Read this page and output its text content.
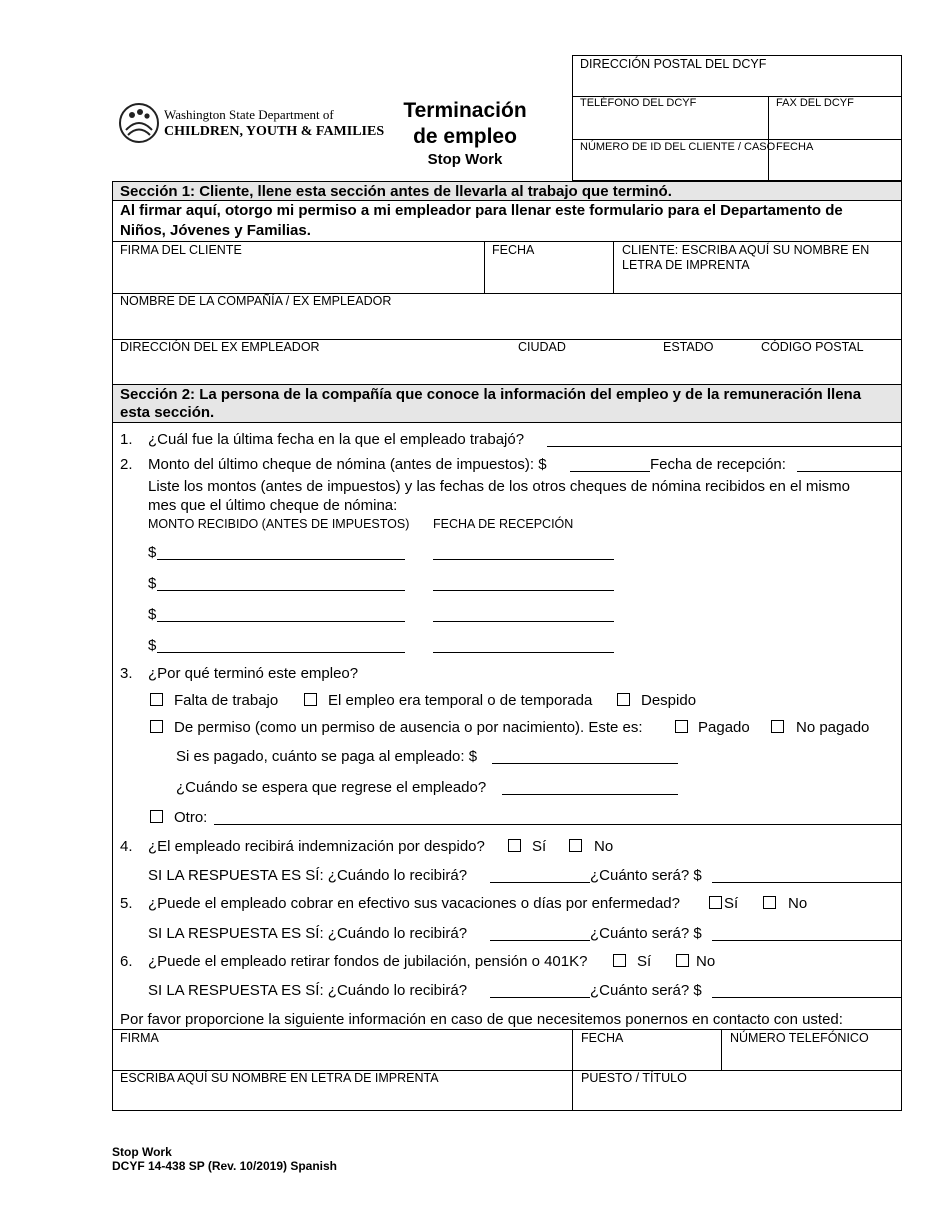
Washington State Department of
CHILDREN, YOUTH & FAMILIES
Terminación
de empleo
Stop Work
DIRECCIÓN POSTAL DEL DCYF
TELÉFONO DEL DCYF	FAX DEL DCYF
NÚMERO DE ID DEL CLIENTE / CASO FECHA
Sección 1: Cliente, llene esta sección antes de llevarla al trabajo que terminó.
Al firmar aquí, otorgo mi permiso a mi empleador para llenar este formulario para el Departamento de
Niños, Jóvenes y Familias.
FIRMA DEL CLIENTE	FECHA	CLIENTE: ESCRIBA AQUÍ SU NOMBRE EN
LETRA DE IMPRENTA
NOMBRE DE LA COMPAÑÍA / EX EMPLEADOR
DIRECCIÓN DEL EX EMPLEADOR	CIUDAD	ESTADO	CÓDIGO POSTAL
Sección 2: La persona de la compañía que conoce la información del empleo y de la remuneración llena
esta sección.
1. ¿Cuál fue la última fecha en la que el empleado trabajó?
2. Monto del último cheque de nómina (antes de impuestos): $	Fecha de recepción:
Liste los montos (antes de impuestos) y las fechas de los otros cheques de nómina recibidos en el mismo
mes que el último cheque de nómina:
MONTO RECIBIDO (ANTES DE IMPUESTOS) FECHA DE RECEPCIÓN
$
$
$
$
3. ¿Por qué terminó este empleo?
Falta de trabajo	El empleo era temporal o de temporada	Despido
De permiso (como un permiso de ausencia o por nacimiento). Este es:	Pagado	No pagado
Si es pagado, cuánto se paga al empleado: $
¿Cuándo se espera que regrese el empleado?
Otro:
4. ¿El empleado recibirá indemnización por despido?	Sí	No
SI LA RESPUESTA ES SÍ: ¿Cuándo lo recibirá?	¿Cuánto será? $
5. ¿Puede el empleado cobrar en efectivo sus vacaciones o días por enfermedad?	Sí	No
SI LA RESPUESTA ES SÍ: ¿Cuándo lo recibirá?	¿Cuánto será? $
6. ¿Puede el empleado retirar fondos de jubilación, pensión o 401K?	Sí	No
SI LA RESPUESTA ES SÍ: ¿Cuándo lo recibirá?	¿Cuánto será? $
Por favor proporcione la siguiente información en caso de que necesitemos ponernos en contacto con usted:
FIRMA	FECHA	NÚMERO TELEFÓNICO
ESCRIBA AQUÍ SU NOMBRE EN LETRA DE IMPRENTA	PUESTO / TÍTULO
Stop Work
DCYF 14-438 SP (Rev. 10/2019) Spanish
